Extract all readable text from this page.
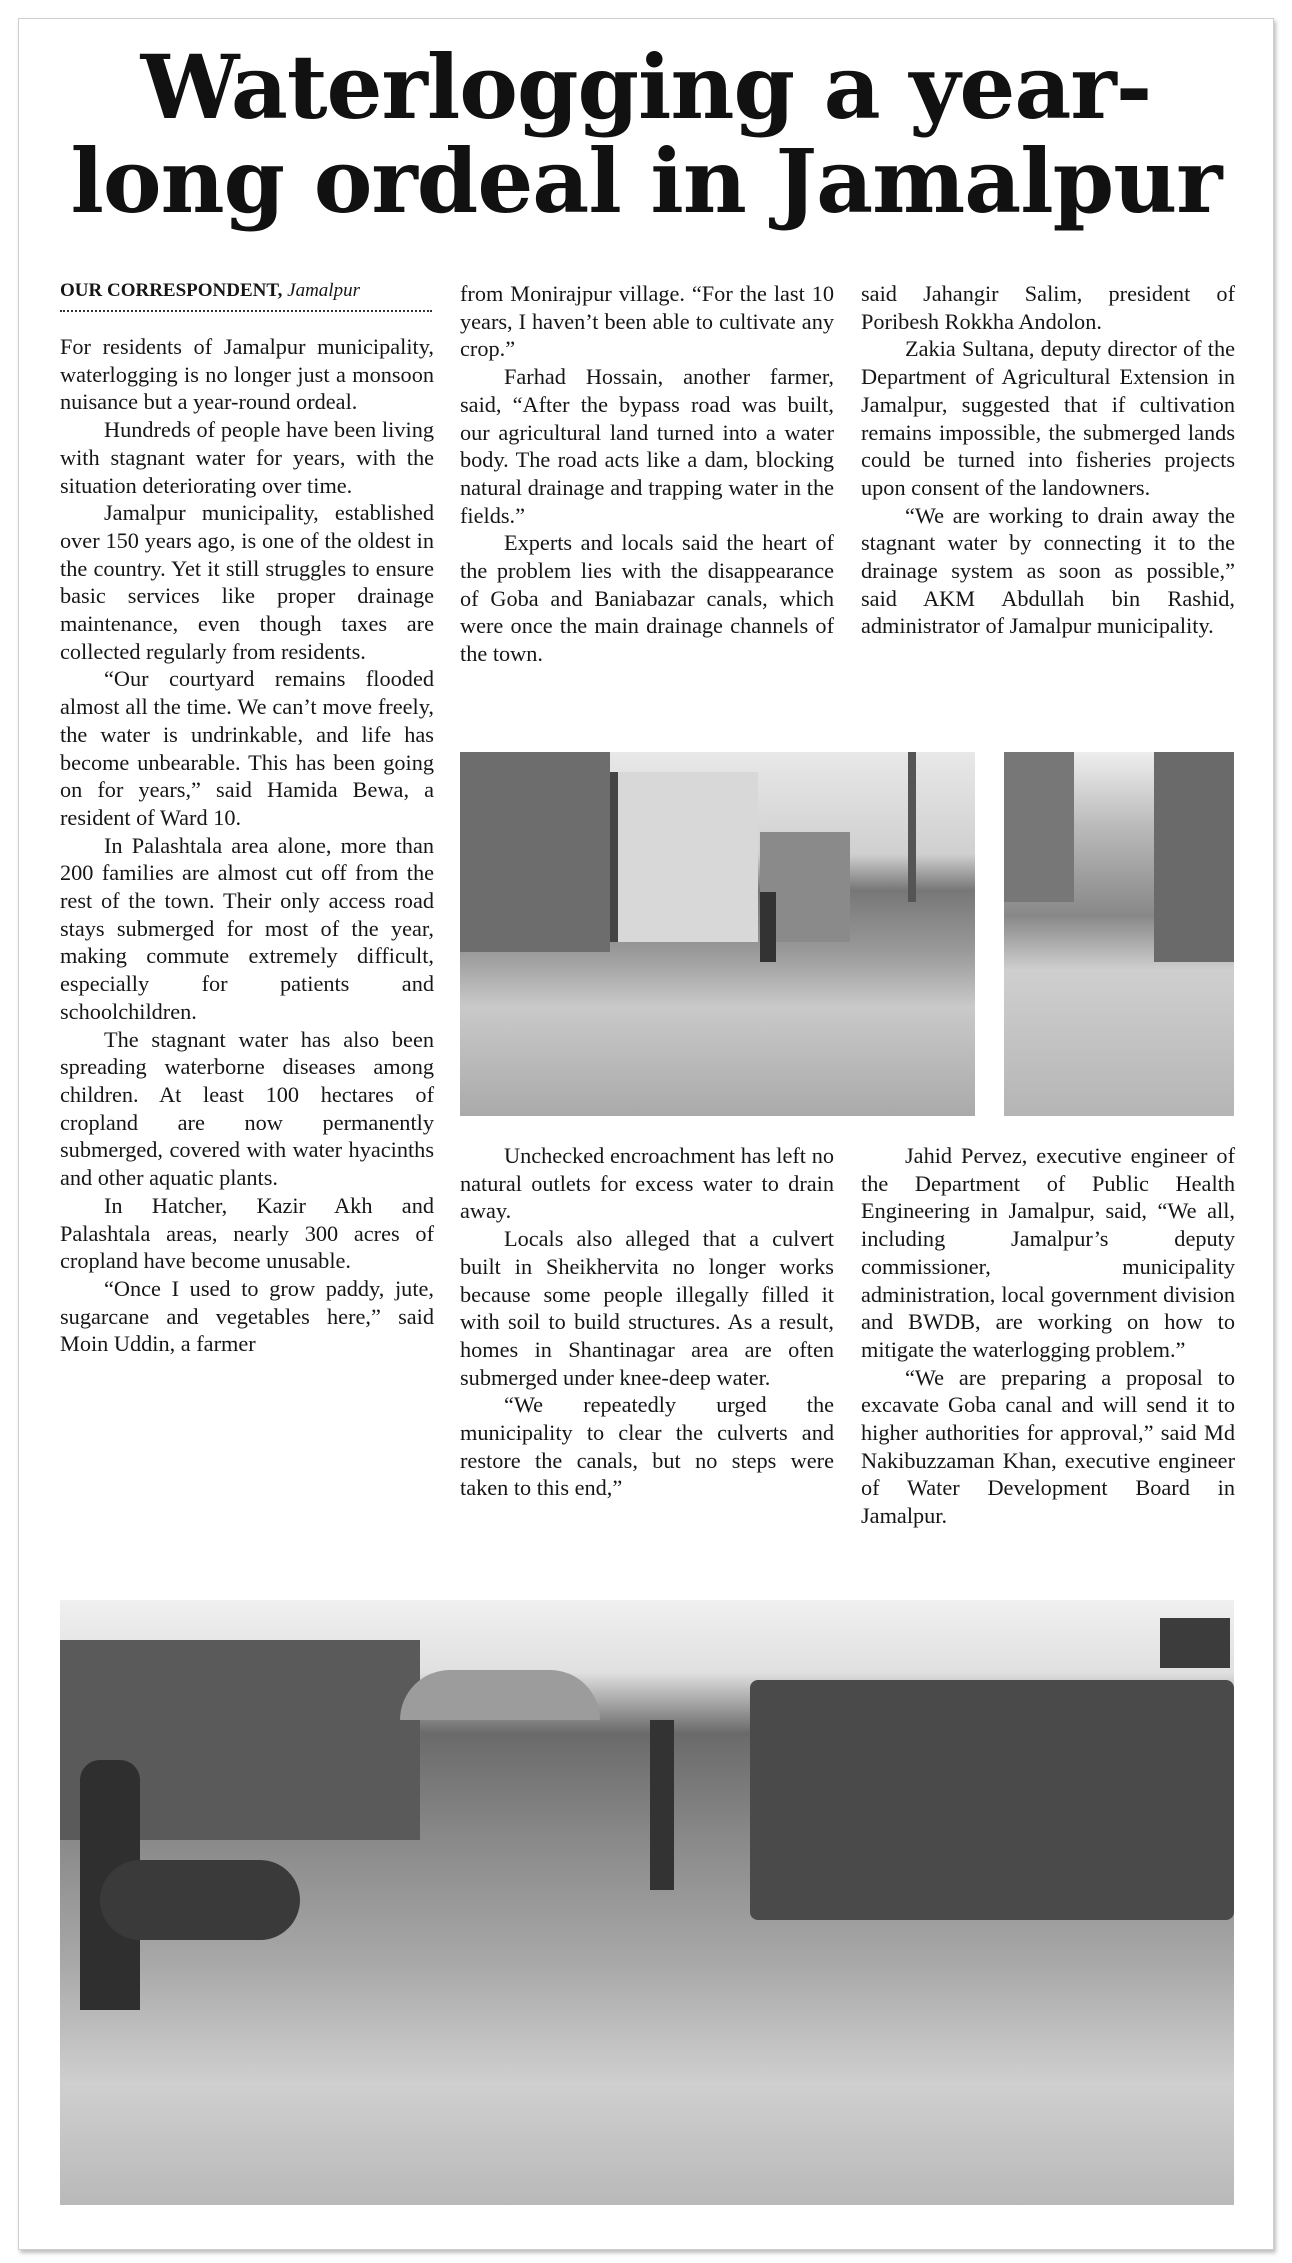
Waterlogging a year-
long ordeal in Jamalpur
OUR CORRESPONDENT, Jamalpur

For residents of Jamalpur municipality, waterlogging is no longer just a monsoon nuisance but a year-round ordeal.

Hundreds of people have been living with stagnant water for years, with the situation deteriorating over time.

Jamalpur municipality, established over 150 years ago, is one of the oldest in the country. Yet it still struggles to ensure basic services like proper drainage maintenance, even though taxes are collected regularly from residents.

“Our courtyard remains flooded almost all the time. We can’t move freely, the water is undrinkable, and life has become unbearable. This has been going on for years,” said Hamida Bewa, a resident of Ward 10.

In Palashtala area alone, more than 200 families are almost cut off from the rest of the town. Their only access road stays submerged for most of the year, making commute extremely difficult, especially for patients and schoolchildren.

The stagnant water has also been spreading waterborne diseases among children. At least 100 hectares of cropland are now permanently submerged, covered with water hyacinths and other aquatic plants.

In Hatcher, Kazir Akh and Palashtala areas, nearly 300 acres of cropland have become unusable.

“Once I used to grow paddy, jute, sugarcane and vegetables here,” said Moin Uddin, a farmer

from Monirajpur village. “For the last 10 years, I haven’t been able to cultivate any crop.”

Farhad Hossain, another farmer, said, “After the bypass road was built, our agricultural land turned into a water body. The road acts like a dam, blocking natural drainage and trapping water in the fields.”

Experts and locals said the heart of the problem lies with the disappearance of Goba and Baniabazar canals, which were once the main drainage channels of the town.

said Jahangir Salim, president of Poribesh Rokkha Andolon.

Zakia Sultana, deputy director of the Department of Agricultural Extension in Jamalpur, suggested that if cultivation remains impossible, the submerged lands could be turned into fisheries projects upon consent of the landowners.

“We are working to drain away the stagnant water by connecting it to the drainage system as soon as possible,” said AKM Abdullah bin Rashid, administrator of Jamalpur municipality.

Unchecked encroachment has left no natural outlets for excess water to drain away.

Locals also alleged that a culvert built in Sheikhervita no longer works because some people illegally filled it with soil to build structures. As a result, homes in Shantinagar area are often submerged under knee-deep water.

“We repeatedly urged the municipality to clear the culverts and restore the canals, but no steps were taken to this end,”

Jahid Pervez, executive engineer of the Department of Public Health Engineering in Jamalpur, said, “We all, including Jamalpur’s deputy commissioner, municipality administration, local government division and BWDB, are working on how to mitigate the waterlogging problem.”

“We are preparing a proposal to excavate Goba canal and will send it to higher authorities for approval,” said Md Nakibuzzaman Khan, executive engineer of Water Development Board in Jamalpur.
